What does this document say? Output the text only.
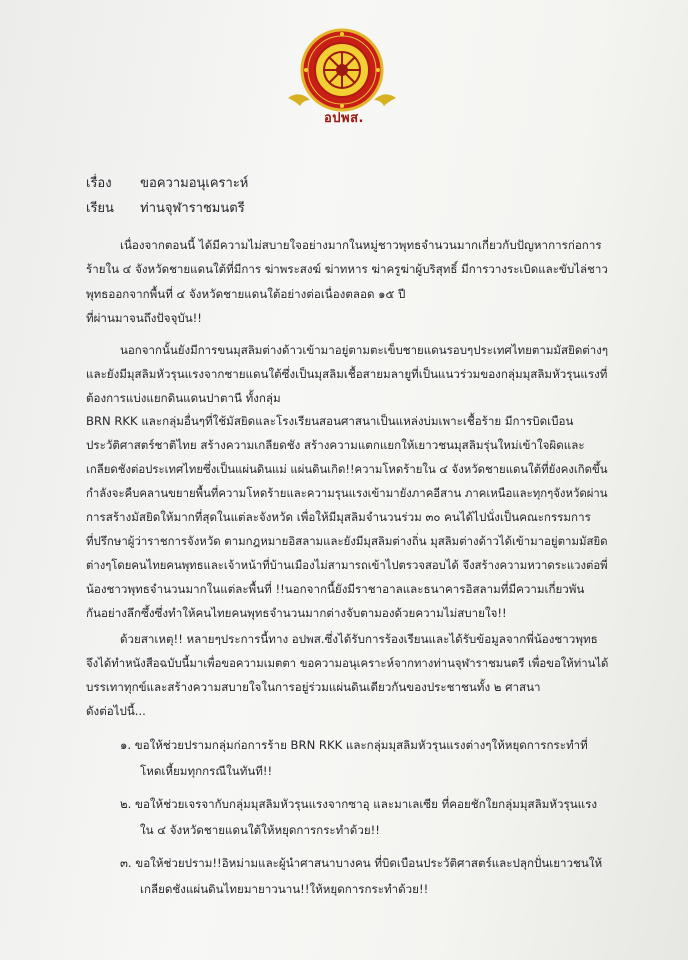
อปพส.
เรื่อง ขอความอนุเคราะห์
เรียน ท่านจุฬาราชมนตรี
เนื่องจากตอนนี้ ได้มีความไม่สบายใจอย่างมากในหมู่ชาวพุทธจำนวนมากเกี่ยวกับปัญหาการก่อการ
ร้ายใน ๔ จังหวัดชายแดนใต้ที่มีการ ฆ่าพระสงฆ์ ฆ่าทหาร ฆ่าครูฆ่าผู้บริสุทธิ์ มีการวางระเบิดและขับไล่ชาว
พุทธออกจากพื้นที่ ๔ จังหวัดชายแดนใต้อย่างต่อเนื่องตลอด ๑๕ ปี
ที่ผ่านมาจนถึงปัจจุบัน!!
นอกจากนั้นยังมีการขนมุสลิมต่างด้าวเข้ามาอยู่ตามตะเข็บชายแดนรอบๆประเทศไทยตามมัสยิดต่างๆ
และยังมีมุสลิมหัวรุนแรงจากชายแดนใต้ซึ่งเป็นมุสลิมเชื้อสายมลายูที่เป็นแนวร่วมของกลุ่มมุสลิมหัวรุนแรงที่
ต้องการแบ่งแยกดินแดนปาตานี ทั้งกลุ่ม
BRN RKK และกลุ่มอื่นๆที่ใช้มัสยิดและโรงเรียนสอนศาสนาเป็นแหล่งบ่มเพาะเชื้อร้าย มีการบิดเบือน
ประวัติศาสตร์ชาติไทย สร้างความเกลียดชัง สร้างความแตกแยกให้เยาวชนมุสลิมรุ่นใหม่เข้าใจผิดและ
เกลียดชังต่อประเทศไทยซึ่งเป็นแผ่นดินแม่ แผ่นดินเกิด!!ความโหดร้ายใน ๔ จังหวัดชายแดนใต้ที่ยังคงเกิดขึ้น
กำลังจะคืบคลานขยายพื้นที่ความโหดร้ายและความรุนแรงเข้ามายังภาคอีสาน ภาคเหนือและทุกๆจังหวัดผ่าน
การสร้างมัสยิดให้มากที่สุดในแต่ละจังหวัด เพื่อให้มีมุสลิมจำนวนร่วม ๓๐ คนได้ไปนั่งเป็นคณะกรรมการ
ที่ปรึกษาผู้ว่าราชการจังหวัด ตามกฎหมายอิสลามและยังมีมุสลิมต่างถิ่น มุสลิมต่างด้าวได้เข้ามาอยู่ตามมัสยิด
ต่างๆโดยคนไทยคนพุทธและเจ้าหน้าที่บ้านเมืองไม่สามารถเข้าไปตรวจสอบได้ จึงสร้างความหวาดระแวงต่อพี่
น้องชาวพุทธจำนวนมากในแต่ละพื้นที่ !!นอกจากนี้ยังมีราชาอาลและธนาคารอิสลามที่มีความเกี่ยวพัน
กันอย่างลึกซึ้งซึ่งทำให้คนไทยคนพุทธจำนวนมากต่างจับตามองด้วยความไม่สบายใจ!!
ด้วยสาเหตุ!! หลายๆประการนี้ทาง อปพส.ซึ่งได้รับการร้องเรียนและได้รับข้อมูลจากพี่น้องชาวพุทธ
จึงได้ทำหนังสือฉบับนี้มาเพื่อขอความเมตตา ขอความอนุเคราะห์จากทางท่านจุฬาราชมนตรี เพื่อขอให้ท่านได้
บรรเทาทุกข์และสร้างความสบายใจในการอยู่ร่วมแผ่นดินเดียวกันของประชาชนทั้ง ๒ ศาสนา
ดังต่อไปนี้...
๑. ขอให้ช่วยปรามกลุ่มก่อการร้าย BRN RKK และกลุ่มมุสลิมหัวรุนแรงต่างๆให้หยุดการกระทำที่
โหดเหี้ยมทุกกรณีในทันที!!
๒. ขอให้ช่วยเจรจากับกลุ่มมุสลิมหัวรุนแรงจากซาอุ และมาเลเซีย ที่คอยชักใยกลุ่มมุสลิมหัวรุนแรง
ใน ๔ จังหวัดชายแดนใต้ให้หยุดการกระทำด้วย!!
๓. ขอให้ช่วยปราม!!อิหม่ามและผู้นำศาสนาบางคน ที่บิดเบือนประวัติศาสตร์และปลุกปั่นเยาวชนให้
เกลียดชังแผ่นดินไทยมายาวนาน!!ให้หยุดการกระทำด้วย!!
